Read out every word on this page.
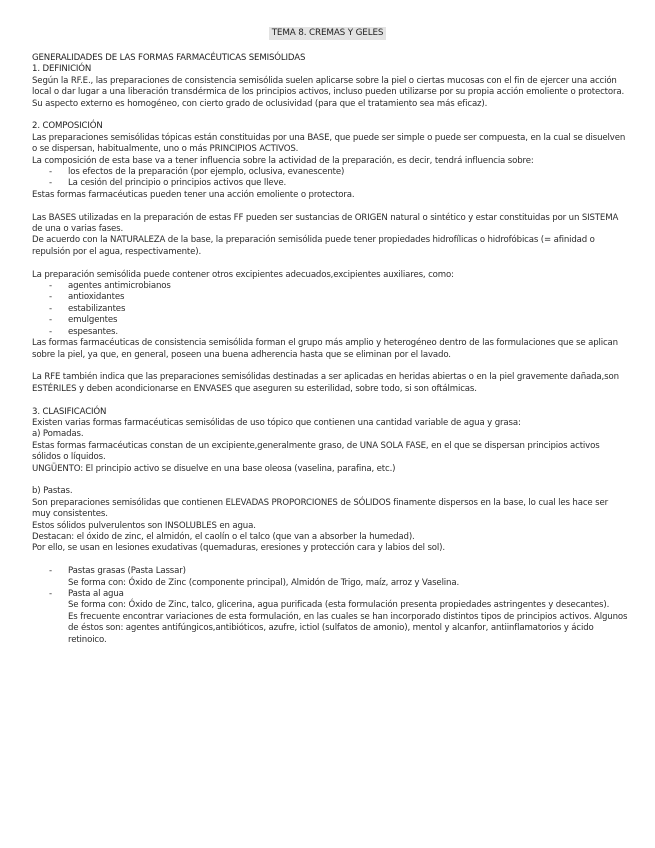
TEMA 8. CREMAS Y GELES

GENERALIDADES DE LAS FORMAS FARMACÉUTICAS SEMISÓLIDAS

1. DEFINICIÓN

Según la RF.E., las preparaciones de consistencia semisólida suelen aplicarse sobre la piel o ciertas mucosas con el fin de ejercer una acción local o dar lugar a una liberación transdérmica de los principios activos, incluso pueden utilizarse por su propia acción emoliente o protectora.

Su aspecto externo es homogéneo, con cierto grado de oclusividad (para que el tratamiento sea más eficaz).

2. COMPOSICIÓN

Las preparaciones semisólidas tópicas están constituidas por una BASE, que puede ser simple o puede ser compuesta, en la cual se disuelven o se dispersan, habitualmente, uno o más PRINCIPIOS ACTIVOS.

La composición de esta base va a tener influencia sobre la actividad de la preparación, es decir, tendrá influencia sobre:

- los efectos de la preparación (por ejemplo, oclusiva, evanescente)
- La cesión del principio o principios activos que lleve.

Estas formas farmacéuticas pueden tener una acción emoliente o protectora.

Las BASES utilizadas en la preparación de estas FF pueden ser sustancias de ORIGEN natural o sintético y estar constituidas por un SISTEMA de una o varias fases.

De acuerdo con la NATURALEZA de la base, la preparación semisólida puede tener propiedades hidrofílicas o hidrofóbicas (= afinidad o repulsión por el agua, respectivamente).

La preparación semisólida puede contener otros excipientes adecuados,excipientes auxiliares, como:

- agentes antimicrobianos
- antioxidantes
- estabilizantes
- emulgentes
- espesantes.

Las formas farmacéuticas de consistencia semisólida forman el grupo más amplio y heterogéneo dentro de las formulaciones que se aplican sobre la piel, ya que, en general, poseen una buena adherencia hasta que se eliminan por el lavado.

La RFE también indica que las preparaciones semisólidas destinadas a ser aplicadas en heridas abiertas o en la piel gravemente dañada,son ESTÉRILES y deben acondicionarse en ENVASES que aseguren su esterilidad, sobre todo, si son oftálmicas.

3. CLASIFICACIÓN

Existen varias formas farmacéuticas semisólidas de uso tópico que contienen una cantidad variable de agua y grasa:

a) Pomadas.

Estas formas farmacéuticas constan de un excipiente,generalmente graso, de UNA SOLA FASE, en el que se dispersan principios activos sólidos o líquidos.

UNGÜENTO: El principio activo se disuelve en una base oleosa (vaselina, parafina, etc.)

b) Pastas.

Son preparaciones semisólidas que contienen ELEVADAS PROPORCIONES de SÓLIDOS finamente dispersos en la base, lo cual les hace ser muy consistentes.

Estos sólidos pulverulentos son INSOLUBLES en agua.

Destacan: el óxido de zinc, el almidón, el caolín o el talco (que van a absorber la humedad).

Por ello, se usan en lesiones exudativas (quemaduras, eresiones y protección cara y labios del sol).

- Pastas grasas (Pasta Lassar)

Se forma con: Óxido de Zinc (componente principal), Almidón de Trigo, maíz, arroz y Vaselina.

- Pasta al agua

Se forma con: Óxido de Zinc, talco, glicerina, agua purificada (esta formulación presenta propiedades astringentes y desecantes).

Es frecuente encontrar variaciones de esta formulación, en las cuales se han incorporado distintos tipos de principios activos. Algunos de éstos son: agentes antifúngicos,antibióticos, azufre, ictiol (sulfatos de amonio), mentol y alcanfor, antiinflamatorios y ácido retinoico.
